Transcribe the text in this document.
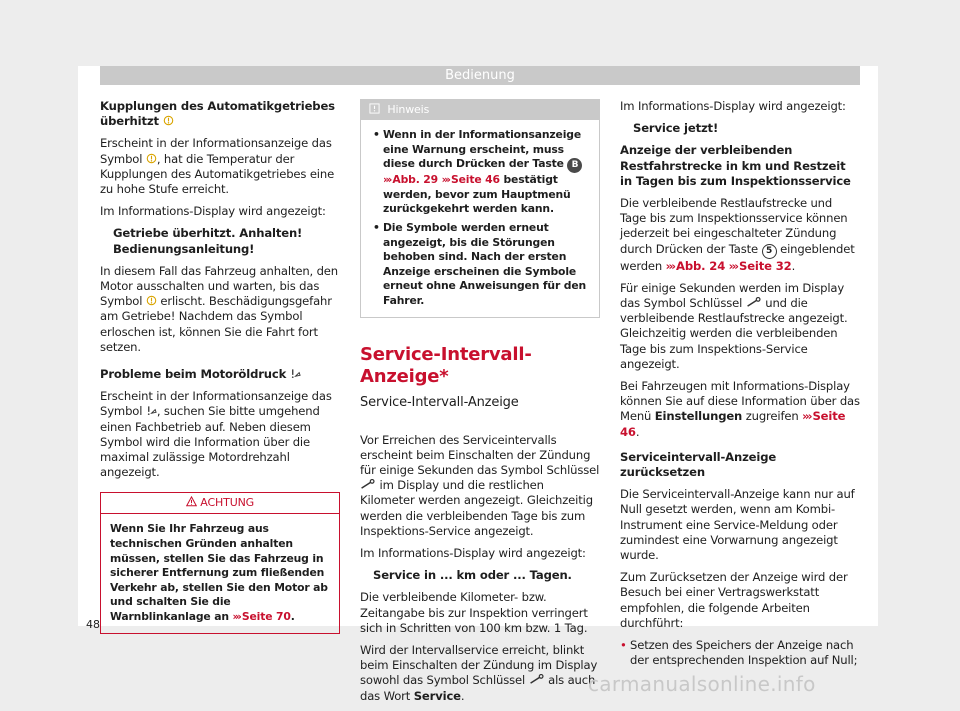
Bedienung

Kupplungen des Automatikgetriebes überhitzt

Erscheint in der Informationsanzeige das Symbol , hat die Temperatur der Kupplungen des Automatikgetriebes eine zu hohe Stufe erreicht.

Im Informations-Display wird angezeigt:

Getriebe überhitzt. Anhalten! Bedienungsanleitung!

In diesem Fall das Fahrzeug anhalten, den Motor ausschalten und warten, bis das Symbol erlischt. Beschädigungsgefahr am Getriebe! Nachdem das Symbol erloschen ist, können Sie die Fahrt fort setzen.

Probleme beim Motoröldruck

Erscheint in der Informationsanzeige das Symbol , suchen Sie bitte umgehend einen Fachbetrieb auf. Neben diesem Symbol wird die Information über die maximal zulässige Motordrehzahl angezeigt.

ACHTUNG
Wenn Sie Ihr Fahrzeug aus technischen Gründen anhalten müssen, stellen Sie das Fahrzeug in sicherer Entfernung zum fließenden Verkehr ab, stellen Sie den Motor ab und schalten Sie die Warnblinkanlage an ››› Seite 70.
Hinweis
• Wenn in der Informationsanzeige eine Warnung erscheint, muss diese durch Drücken der Taste B ››› Abb. 29 ››› Seite 46 bestätigt werden, bevor zum Hauptmenü zurückgekehrt werden kann.
• Die Symbole werden erneut angezeigt, bis die Störungen behoben sind. Nach der ersten Anzeige erscheinen die Symbole erneut ohne Anweisungen für den Fahrer.
Service-Intervall-Anzeige*
Service-Intervall-Anzeige

Vor Erreichen des Serviceintervalls erscheint beim Einschalten der Zündung für einige Sekunden das Symbol Schlüssel  im Display und die restlichen Kilometer werden angezeigt. Gleichzeitig werden die verbleibenden Tage bis zum Inspektions-Service angezeigt.

Im Informations-Display wird angezeigt:

Service in ... km oder ... Tagen.

Die verbleibende Kilometer- bzw. Zeitangabe bis zur Inspektion verringert sich in Schritten von 100 km bzw. 1 Tag.

Wird der Intervallservice erreicht, blinkt beim Einschalten der Zündung im Display sowohl das Symbol Schlüssel als auch das Wort Service.

Im Informations-Display wird angezeigt:

Service jetzt!

Anzeige der verbleibenden Restfahrstrecke in km und Restzeit in Tagen bis zum Inspektionsservice

Die verbleibende Restlaufstrecke und Tage bis zum Inspektionsservice können jederzeit bei eingeschalteter Zündung durch Drücken der Taste 5 eingeblendet werden ››› Abb. 24 ››› Seite 32.

Für einige Sekunden werden im Display das Symbol Schlüssel und die verbleibende Restlaufstrecke angezeigt. Gleichzeitig werden die verbleibenden Tage bis zum Inspektions-Service angezeigt.

Bei Fahrzeugen mit Informations-Display können Sie auf diese Information über das Menü Einstellungen zugreifen ››› Seite 46.

Serviceintervall-Anzeige zurücksetzen

Die Serviceintervall-Anzeige kann nur auf Null gesetzt werden, wenn am Kombi-Instrument eine Service-Meldung oder zumindest eine Vorwarnung angezeigt wurde.

Zum Zurücksetzen der Anzeige wird der Besuch bei einer Vertragswerkstatt empfohlen, die folgende Arbeiten durchführt:

• Setzen des Speichers der Anzeige nach der entsprechenden Inspektion auf Null;
48
carmanualsonline.info
